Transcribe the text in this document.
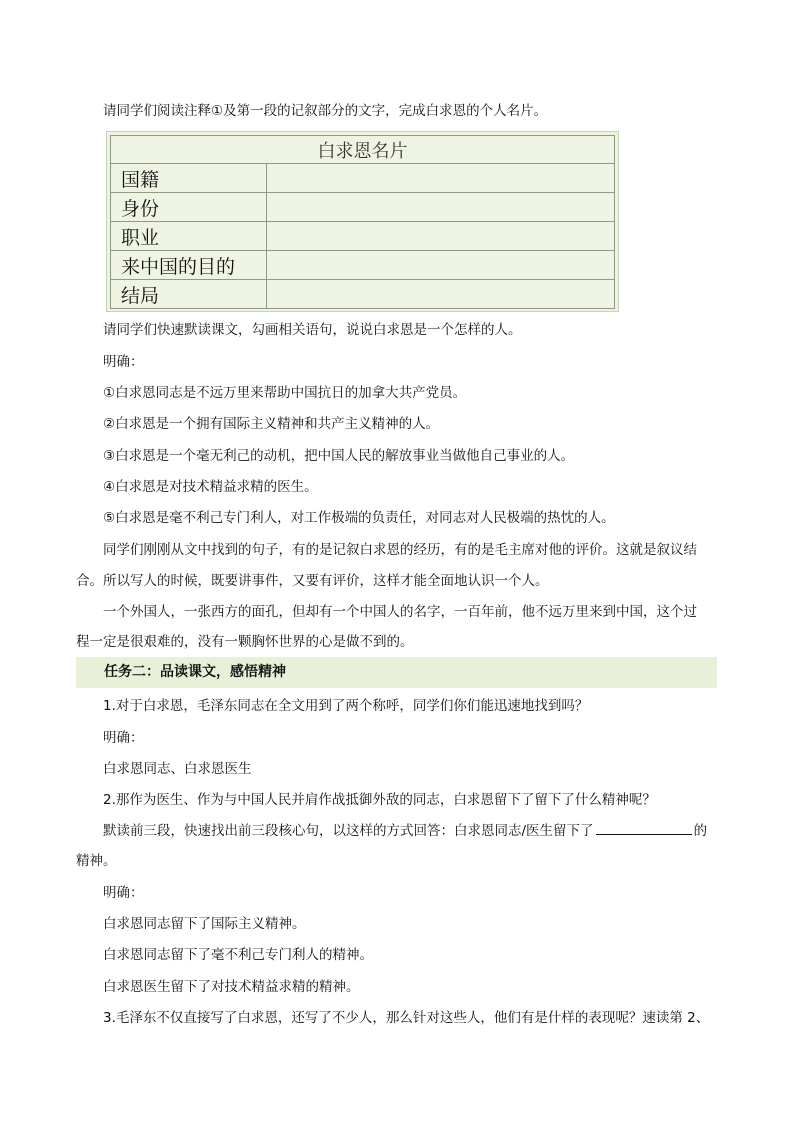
请同学们阅读注释①及第一段的记叙部分的文字，完成白求恩的个人名片。
白求恩名片	
国籍	
身份	
职业	
来中国的目的	
结局	
请同学们快速默读课文，勾画相关语句，说说白求恩是一个怎样的人。
明确：
①白求恩同志是不远万里来帮助中国抗日的加拿大共产党员。
②白求恩是一个拥有国际主义精神和共产主义精神的人。
③白求恩是一个毫无利己的动机，把中国人民的解放事业当做他自己事业的人。
④白求恩是对技术精益求精的医生。
⑤白求恩是毫不利己专门利人，对工作极端的负责任，对同志对人民极端的热忱的人。
同学们刚刚从文中找到的句子，有的是记叙白求恩的经历，有的是毛主席对他的评价。这就是叙议结
合。所以写人的时候，既要讲事件，又要有评价，这样才能全面地认识一个人。
一个外国人，一张西方的面孔，但却有一个中国人的名字，一百年前，他不远万里来到中国，这个过
程一定是很艰难的，没有一颗胸怀世界的心是做不到的。
任务二：品读课文，感悟精神
1.对于白求恩，毛泽东同志在全文用到了两个称呼，同学们你们能迅速地找到吗？
明确：
白求恩同志、白求恩医生
2.那作为医生、作为与中国人民并肩作战抵御外敌的同志，白求恩留下了留下了什么精神呢？
默读前三段，快速找出前三段核心句，以这样的方式回答：白求恩同志/医生留下了	的
精神。
明确：
白求恩同志留下了国际主义精神。
白求恩同志留下了毫不利己专门利人的精神。
白求恩医生留下了对技术精益求精的精神。
3.毛泽东不仅直接写了白求恩，还写了不少人，那么针对这些人，他们有是什样的表现呢？速读第 2、
